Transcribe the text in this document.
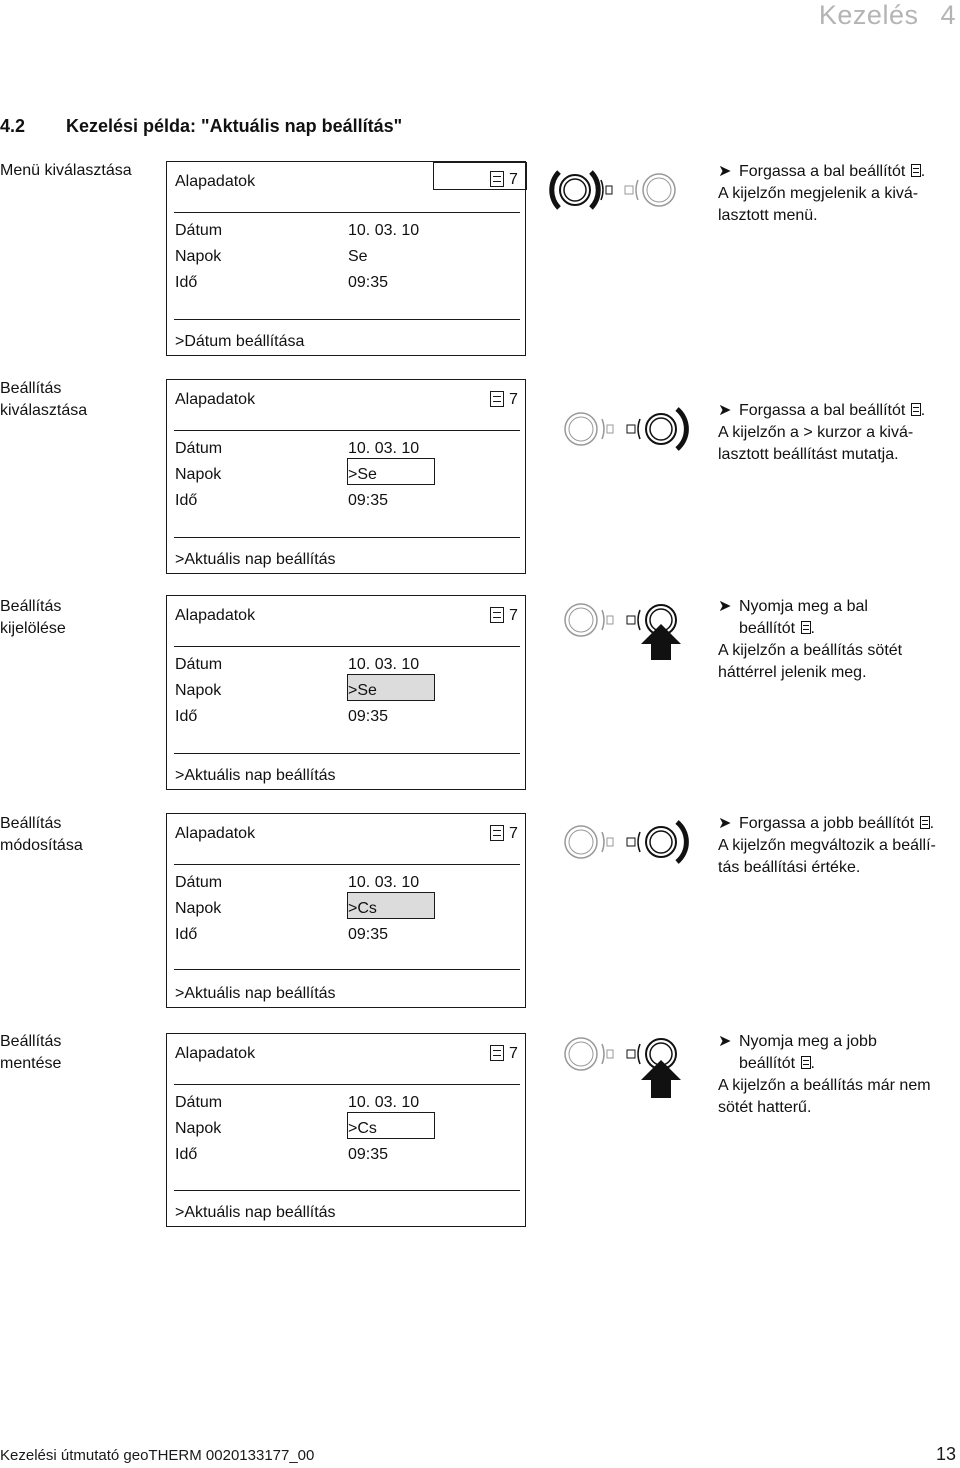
Kezelés 4
4.2 Kezelési példa: "Aktuális nap beállítás"
Menü kiválasztása
Alapadatok	7
Dátum	10. 03. 10
Napok	Se
Idő	09:35
>Dátum beállítása
➤ Forgassa a bal beállítót .
A kijelzőn megjelenik a kivá-
lasztott menü.
Beállítás
kiválasztása
Alapadatok	7
Dátum	10. 03. 10
Napok	>Se
Idő	09:35
>Aktuális nap beállítás
➤ Forgassa a bal beállítót .
A kijelzőn a > kurzor a kivá-
lasztott beállítást mutatja.
Beállítás
kijelölése
Alapadatok	7
Dátum	10. 03. 10
Napok	>Se
Idő	09:35
>Aktuális nap beállítás
➤ Nyomja meg a bal
beállítót .
A kijelzőn a beállítás sötét
háttérrel jelenik meg.
Beállítás
módosítása
Alapadatok	7
Dátum	10. 03. 10
Napok	>Cs
Idő	09:35
>Aktuális nap beállítás
➤ Forgassa a jobb beállítót .
A kijelzőn megváltozik a beállí-
tás beállítási értéke.
Beállítás
mentése
Alapadatok	7
Dátum	10. 03. 10
Napok	>Cs
Idő	09:35
>Aktuális nap beállítás
➤ Nyomja meg a jobb
beállítót .
A kijelzőn a beállítás már nem
sötét hatterű.
Kezelési útmutató geoTHERM 0020133177_00	13
